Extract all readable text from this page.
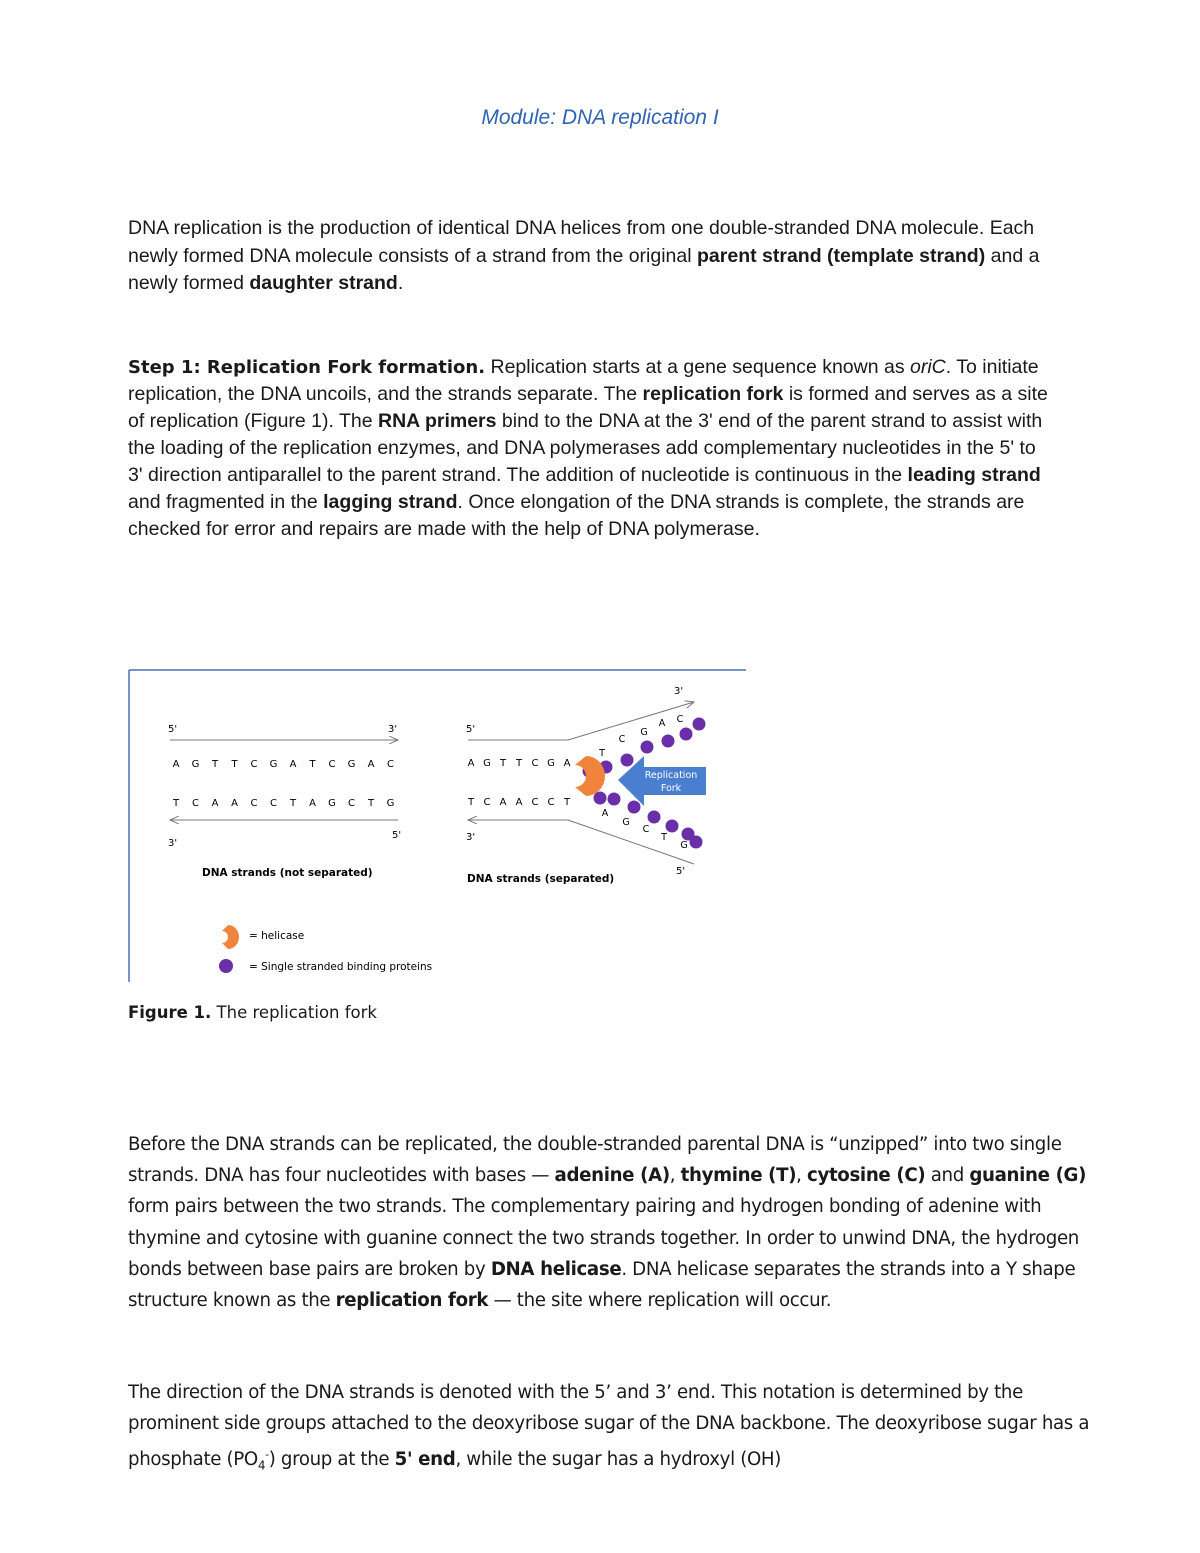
Module: DNA replication I
DNA replication is the production of identical DNA helices from one double-stranded DNA molecule. Each newly formed DNA molecule consists of a strand from the original parent strand (template strand) and a newly formed daughter strand.
Step 1: Replication Fork formation. Replication starts at a gene sequence known as oriC. To initiate replication, the DNA uncoils, and the strands separate. The replication fork is formed and serves as a site of replication (Figure 1). The RNA primers bind to the DNA at the 3' end of the parent strand to assist with the loading of the replication enzymes, and DNA polymerases add complementary nucleotides in the 5' to 3' direction antiparallel to the parent strand. The addition of nucleotide is continuous in the leading strand and fragmented in the lagging strand. Once elongation of the DNA strands is complete, the strands are checked for error and repairs are made with the help of DNA polymerase.
5'	3'
A G T T C G A T C G A C
T C A A C C T A G C T G
3'
5'
DNA strands (not separated)
5'
3'
A G T T C G A
T C A A C C T
3'
5'
T
C
G
A C
A
G
C
T
G
Replication
Fork
DNA strands (separated)
= helicase
= Single stranded binding proteins
Figure 1. The replication fork
Before the DNA strands can be replicated, the double-stranded parental DNA is “unzipped” into two single strands. DNA has four nucleotides with bases — adenine (A), thymine (T), cytosine (C) and guanine (G) form pairs between the two strands. The complementary pairing and hydrogen bonding of adenine with thymine and cytosine with guanine connect the two strands together. In order to unwind DNA, the hydrogen bonds between base pairs are broken by DNA helicase. DNA helicase separates the strands into a Y shape structure known as the replication fork — the site where replication will occur.
The direction of the DNA strands is denoted with the 5’ and 3’ end. This notation is determined by the prominent side groups attached to the deoxyribose sugar of the DNA backbone. The deoxyribose sugar has a phosphate $(PO_4^-)$ group at the 5' end, while the sugar has a hydroxyl (OH)
